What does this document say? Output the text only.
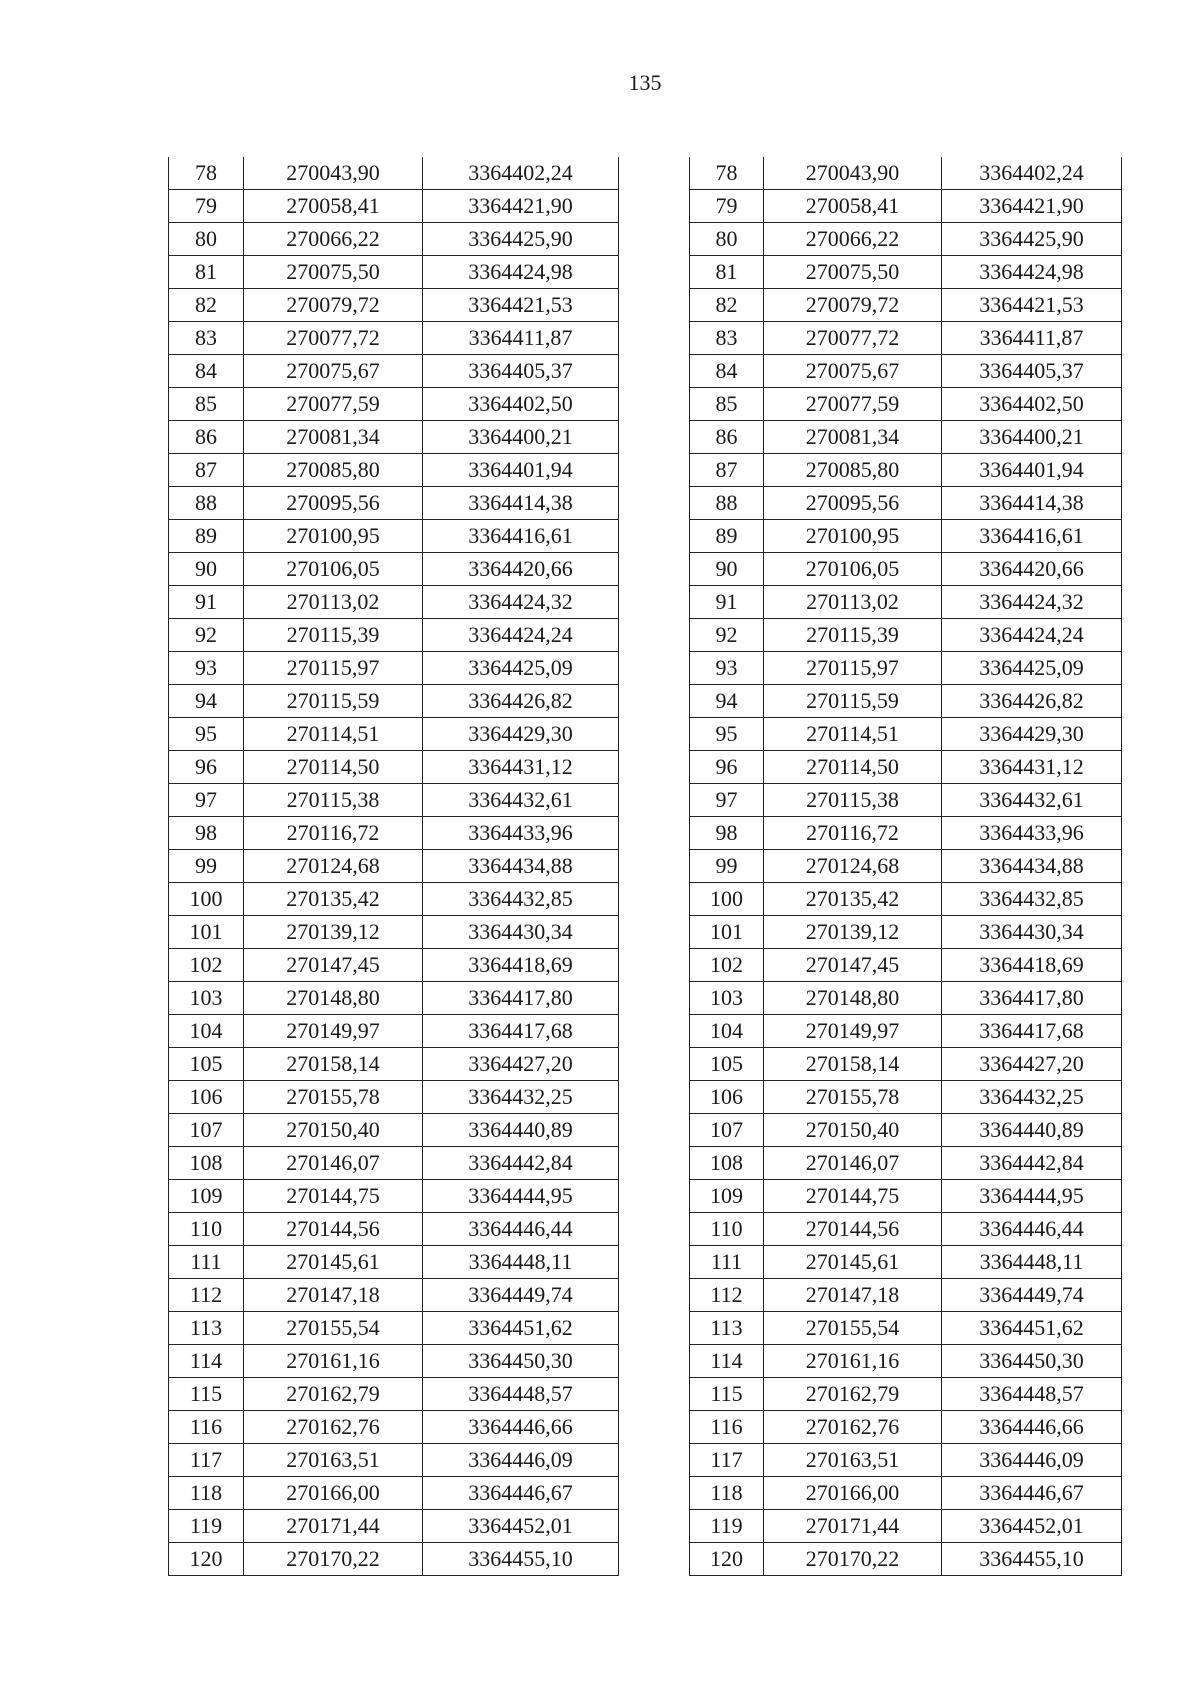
135
78	270043,90	3364402,24
79	270058,41	3364421,90
80	270066,22	3364425,90
81	270075,50	3364424,98
82	270079,72	3364421,53
83	270077,72	3364411,87
84	270075,67	3364405,37
85	270077,59	3364402,50
86	270081,34	3364400,21
87	270085,80	3364401,94
88	270095,56	3364414,38
89	270100,95	3364416,61
90	270106,05	3364420,66
91	270113,02	3364424,32
92	270115,39	3364424,24
93	270115,97	3364425,09
94	270115,59	3364426,82
95	270114,51	3364429,30
96	270114,50	3364431,12
97	270115,38	3364432,61
98	270116,72	3364433,96
99	270124,68	3364434,88
100	270135,42	3364432,85
101	270139,12	3364430,34
102	270147,45	3364418,69
103	270148,80	3364417,80
104	270149,97	3364417,68
105	270158,14	3364427,20
106	270155,78	3364432,25
107	270150,40	3364440,89
108	270146,07	3364442,84
109	270144,75	3364444,95
110	270144,56	3364446,44
111	270145,61	3364448,11
112	270147,18	3364449,74
113	270155,54	3364451,62
114	270161,16	3364450,30
115	270162,79	3364448,57
116	270162,76	3364446,66
117	270163,51	3364446,09
118	270166,00	3364446,67
119	270171,44	3364452,01
120	270170,22	3364455,10
78	270043,90	3364402,24
79	270058,41	3364421,90
80	270066,22	3364425,90
81	270075,50	3364424,98
82	270079,72	3364421,53
83	270077,72	3364411,87
84	270075,67	3364405,37
85	270077,59	3364402,50
86	270081,34	3364400,21
87	270085,80	3364401,94
88	270095,56	3364414,38
89	270100,95	3364416,61
90	270106,05	3364420,66
91	270113,02	3364424,32
92	270115,39	3364424,24
93	270115,97	3364425,09
94	270115,59	3364426,82
95	270114,51	3364429,30
96	270114,50	3364431,12
97	270115,38	3364432,61
98	270116,72	3364433,96
99	270124,68	3364434,88
100	270135,42	3364432,85
101	270139,12	3364430,34
102	270147,45	3364418,69
103	270148,80	3364417,80
104	270149,97	3364417,68
105	270158,14	3364427,20
106	270155,78	3364432,25
107	270150,40	3364440,89
108	270146,07	3364442,84
109	270144,75	3364444,95
110	270144,56	3364446,44
111	270145,61	3364448,11
112	270147,18	3364449,74
113	270155,54	3364451,62
114	270161,16	3364450,30
115	270162,79	3364448,57
116	270162,76	3364446,66
117	270163,51	3364446,09
118	270166,00	3364446,67
119	270171,44	3364452,01
120	270170,22	3364455,10
